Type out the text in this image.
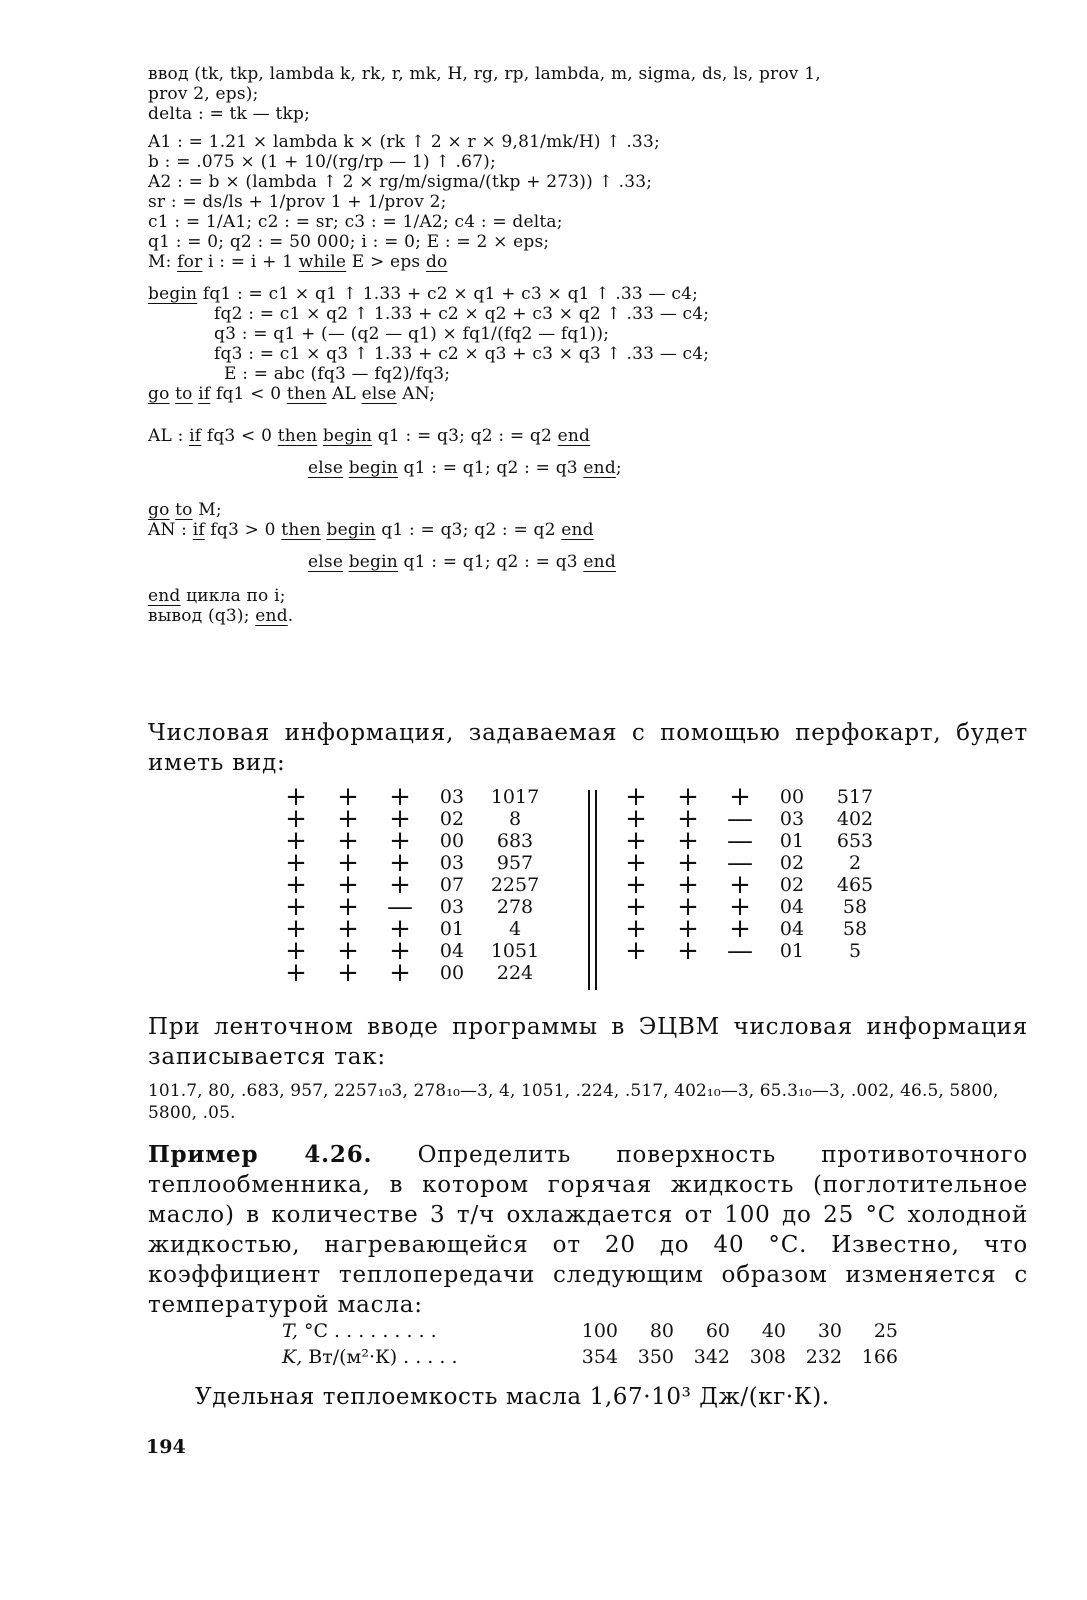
ввод (tk, tkp, lambda k, rk, r, mk, H, rg, rp, lambda, m, sigma, ds, ls, prov 1,
prov 2, eps);
delta : = tk — tkp;
A1 : = 1.21 × lambda k × (rk ↑ 2 × r × 9,81/mk/H) ↑ .33;
b : = .075 × (1 + 10/(rg/rp — 1) ↑ .67);
A2 : = b × (lambda ↑ 2 × rg/m/sigma/(tkp + 273)) ↑ .33;
sr : = ds/ls + 1/prov 1 + 1/prov 2;
c1 : = 1/A1; c2 : = sr; c3 : = 1/A2; c4 : = delta;
q1 : = 0; q2 : = 50 000; i : = 0; E : = 2 × eps;
M: for i : = i + 1 while E > eps do
begin fq1 : = c1 × q1 ↑ 1.33 + c2 × q1 + c3 × q1 ↑ .33 — c4;
fq2 : = c1 × q2 ↑ 1.33 + c2 × q2 + c3 × q2 ↑ .33 — c4;
q3 : = q1 + (— (q2 — q1) × fq1/(fq2 — fq1));
fq3 : = c1 × q3 ↑ 1.33 + c2 × q3 + c3 × q3 ↑ .33 — c4;
E : = abc (fq3 — fq2)/fq3;
go to if fq1 < 0 then AL else AN;
AL : if fq3 < 0 then begin q1 : = q3; q2 : = q2 end
else begin q1 : = q1; q2 : = q3 end;
go to M;
AN : if fq3 > 0 then begin q1 : = q3; q2 : = q2 end
else begin q1 : = q1; q2 : = q3 end
end цикла по i;
вывод (q3); end.
Числовая информация, задаваемая с помощью перфокарт, будет иметь вид:
+	+	+	03	1017
+	+	+	02	8
+	+	+	00	683
+	+	+	03	957
+	+	+	07	2257
+	+	—	03	278
+	+	+	01	4
+	+	+	04	1051
+	+	+	00	224
+	+	+	00	517
+	+	—	03	402
+	+	—	01	653
+	+	—	02	2
+	+	+	02	465
+	+	+	04	58
+	+	+	04	58
+	+	—	01	5
При ленточном вводе программы в ЭЦВМ числовая информация записывается так:
101.7, 80, .683, 957, 2257₁₀3, 278₁₀—3, 4, 1051, .224, .517, 402₁₀—3, 65.3₁₀—3, .002, 46.5, 5800, 5800, .05.
Пример 4.26. Определить поверхность противоточного теплообменника, в котором горячая жидкость (поглотительное масло) в количестве 3 т/ч охлаждается от 100 до 25 °С холодной жидкостью, нагревающейся от 20 до 40 °С. Известно, что коэффициент теплопередачи следующим образом изменяется с температурой масла:
T, °C . . . . . . . . .	100 80 60 40 30 25
K, Вт/(м²·К) . . . . .	354 350 342 308 232 166
Удельная теплоемкость масла 1,67·10³ Дж/(кг·К).
194
